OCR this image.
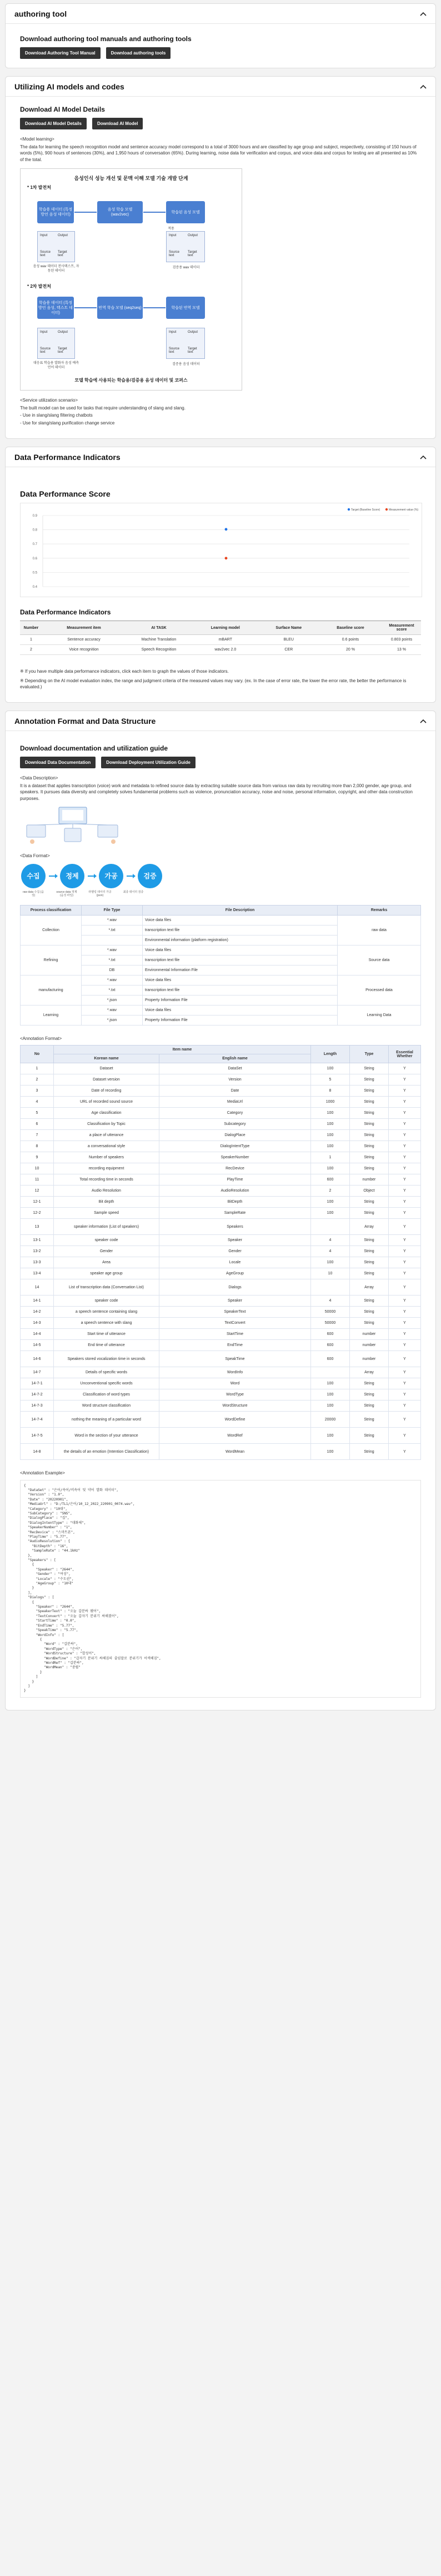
authoring tool
Download authoring tool manuals and authoring tools
Download Authoring Tool Manual	Download authoring tools
Utilizing AI models and codes
Download AI Model Details
Download AI Model Details	Download AI Model

<Model learning>

The data for learning the speech recognition model and sentence accuracy model correspond to a total of 3000 hours and are classified by age group and subject, respectively, consisting of 150 hours of words (5%), 900 hours of sentences (30%), and 1,950 hours of conversation (65%). During learning, noise data for verification and corpus, and voice data and corpus for testing are all presented as 10% of the total.

음성인식 성능 개선 및 문맥 이해 모델 기술 개발 단계
* 1차 발전처
학습용 데이터 (특정 방언 음성 데이터)
음성 학습 모델 (wav2vec)
학습된 음성 모델
적용
Input	Output
Source text
Target text
Input	Output
Source text
Target text
음성 wav 데이터 전사텍스트, 자동된 데이터
검증용 wav 데이터
* 2차 발전처
학습용 데이터 (특정 방언 음성, 텍스트 데이터)
번역 학습 모델 (seq2seq)	학습된 번역 모델
Input	Output
Source text
Target text
Input	Output
Source text
Target text
대응표 학습용 발화자 음성 예측 언어 데이터
검증용 음성 데이터
모델 학습에 사용되는 학습용/검증용 음성 데이터 및 코퍼스

<Service utilization scenario>

The built model can be used for tasks that require understanding of slang and slang.

- Use in slang/slang filtering chatbots

- Use for slang/slang purification change service

Data Performance Indicators
Data Performance Score
0.9
0.8
0.7
0.6
0.5
0.4
Target (Baseline Score)	Measurement value (%)
Data Performance Indicators
Number	Measurement item	AI TASK	Learning model	Surface Name	Baseline score	Measurement score
1	Sentence accuracy	Machine Translation	mBART	BLEU	0.6 points	0.803 points
2	Voice recognition	Speech Recognition	wav2vec 2.0	CER	20 %	13 %

※ If you have multiple data performance indicators, click each item to graph the values of those indicators.

※ Depending on the AI model evaluation index, the range and judgment criteria of the measured values may vary. (ex. In the case of error rate, the lower the error rate, the better the performance is evaluated.)

Annotation Format and Data Structure
Download documentation and utilization guide
Download Data Documentation	Download Deployment Utilization Guide

<Data Description>

It is a dataset that applies transcription (voice) work and metadata to refined source data by extracting suitable source data from various raw data by recruiting more than 2,000 gender, age group, and speakers. It pursues data diversity and completely solves fundamental problems such as violence, pronunciation accuracy, noise and noise, personal information, copyright, and other data construction purposes.

<Data Format>

수집	정제	가공	검증
raw data 수집 (음성)
source data 정제 (음성 파일)
라벨링 데이터 가공 (json)
최종 데이터 검증
Process classification	File Type	File Description	Remarks
Collection	*.wav	Voice data files	raw data
	*.txt	transcription text file	
		Environmental information (platform registration)	
Refining	*.wav	Voice data files	Source data
	*.txt	transcription text file	
	DB	Environmental Information File	
manufacturing	*.wav	Voice data files	Processed data
	*.txt	transcription text file	
	*.json	Property Information File	
Learning	*.wav	Voice data files	Learning Data
	*.json	Property Information File	

<Annotation Format>

No	Item name		Length	Type	Essential Whether
	Korean name	English name			
1	Dataset	DataSet	100	String	Y
2	Dataset version	Version	5	String	Y
3	Date of recording	Date	8	String	Y
4	URL of recorded sound source	MediaUrl	1000	String	Y
5	Age classification	Category	100	String	Y
6	Classification by Topic	Subcategory	100	String	Y
7	a place of utterance	DialogPlace	100	String	Y
8	a conversational style	DialogIntentType	100	String	Y
9	Number of speakers	SpeakerNumber	1	String	Y
10	recording equipment	RecDevice	100	String	Y
11	Total recording time in seconds	PlayTime	600	number	Y
12	Audio Resolution	AudioResolution	2	Object	Y
12-1	Bit depth	BitDepth	100	String	Y
12-2	Sample speed	SampleRate	100	String	Y
13	speaker information (List of speakers)	Speakers		Array	Y
13-1	speaker code	Speaker	4	String	Y
13-2	Gender	Gender	4	String	Y
13-3	Area	Locale	100	String	Y
13-4	speaker age group	AgeGroup	10	String	Y
14	List of transcription data (Conversation List)	Dialogs		Array	Y
14-1	speaker code	Speaker	4	String	Y
14-2	a speech sentence containing slang	SpeakerText	50000	String	Y
14-3	a speech sentence with slang	TextConvert	50000	String	Y
14-4	Start time of utterance	StartTime	600	number	Y
14-5	End time of utterance	EndTime	600	number	Y
14-6	Speakers stored vocalization time in seconds	SpeakTime	600	number	Y
14-7	Details of specific words	WordInfo		Array	Y
14-7-1	Unconventional specific words	Word	100	String	Y
14-7-2	Classification of word types	WordType	100	String	Y
14-7-3	Word structure classification	WordStructure	100	String	Y
14-7-4	nothing the meaning of a particular word	WordDefine	20000	String	Y
14-7-5	Word in the section of your utterance	WordRef	100	String	Y
14-8	the details of an emotion (Intention Classification)	WordMean	100	String	Y

<Annotation Example>

{
"DataSet" : "은어/속어/비속어 및 약어 발화 데이터",
"Version" : "1.0",
"Date" : "20220901",
"MediaUrl" : "D:/TL1/은어/10_12_2022_220901_0074.wav",
"Category" : "10대",
"SubCategory" : "SNS",
"DialogPlace" : "집",
"DialogIntentType" : "대화체",
"SpeakerNumber" : "1",
"RecDevice" : "스마트폰",
"PlayTime" : "5.77",
"AudioResolution" : {
"BitDepth" : "16",
"SampleRate" : "44.1kHz"
},
"Speakers" : [
{
"Speaker" : "2644",
"Gender" : "여성",
"Locale" : "수도권",
"AgeGroup" : "10대"
}
],
"Dialogs" : [
{
"Speaker" : "2644",
"SpeakerText" : "오늘 갑분싸 됐어",
"TextConvert" : "오늘 갑자기 분위기 싸해졌어",
"StartTime" : "0.0",
"EndTime" : "5.77",
"SpeakTime" : "5.77",
"WordInfo" : [
{
"Word" : "갑분싸",
"WordType" : "은어",
"WordStructure" : "합성어",
"WordDefine" : "갑자기 분위기 싸해짐의 줄임말로 분위기가 어색해짐",
"WordRef" : "갑분싸",
"WordMean" : "중립"
}
]
}
]
}
